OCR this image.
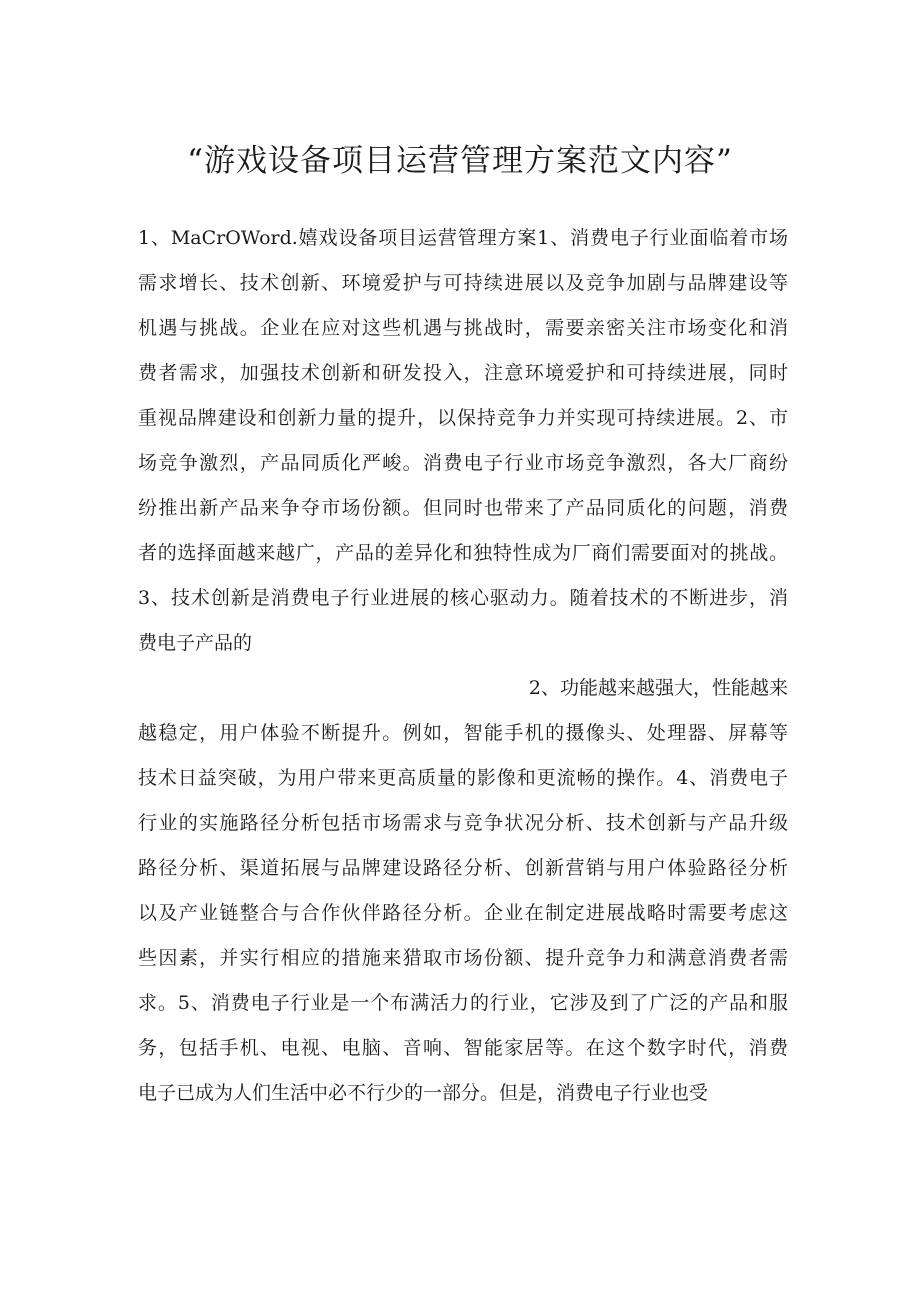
“游戏设备项目运营管理方案范文内容”
1、MaCrOWord.嬉戏设备项目运营管理方案1、消费电子行业面临着市场
需求增长、技术创新、环境爱护与可持续进展以及竞争加剧与品牌建设等
机遇与挑战。企业在应对这些机遇与挑战时，需要亲密关注市场变化和消
费者需求，加强技术创新和研发投入，注意环境爱护和可持续进展，同时
重视品牌建设和创新力量的提升，以保持竞争力并实现可持续进展。2、市
场竞争激烈，产品同质化严峻。消费电子行业市场竞争激烈，各大厂商纷
纷推出新产品来争夺市场份额。但同时也带来了产品同质化的问题，消费
者的选择面越来越广，产品的差异化和独特性成为厂商们需要面对的挑战。
3、技术创新是消费电子行业进展的核心驱动力。随着技术的不断进步，消
费电子产品的
2、功能越来越强大，性能越来
越稳定，用户体验不断提升。例如，智能手机的摄像头、处理器、屏幕等
技术日益突破，为用户带来更高质量的影像和更流畅的操作。4、消费电子
行业的实施路径分析包括市场需求与竞争状况分析、技术创新与产品升级
路径分析、渠道拓展与品牌建设路径分析、创新营销与用户体验路径分析
以及产业链整合与合作伙伴路径分析。企业在制定进展战略时需要考虑这
些因素，并实行相应的措施来猎取市场份额、提升竞争力和满意消费者需
求。5、消费电子行业是一个布满活力的行业，它涉及到了广泛的产品和服
务，包括手机、电视、电脑、音响、智能家居等。在这个数字时代，消费
电子已成为人们生活中必不行少的一部分。但是，消费电子行业也受
